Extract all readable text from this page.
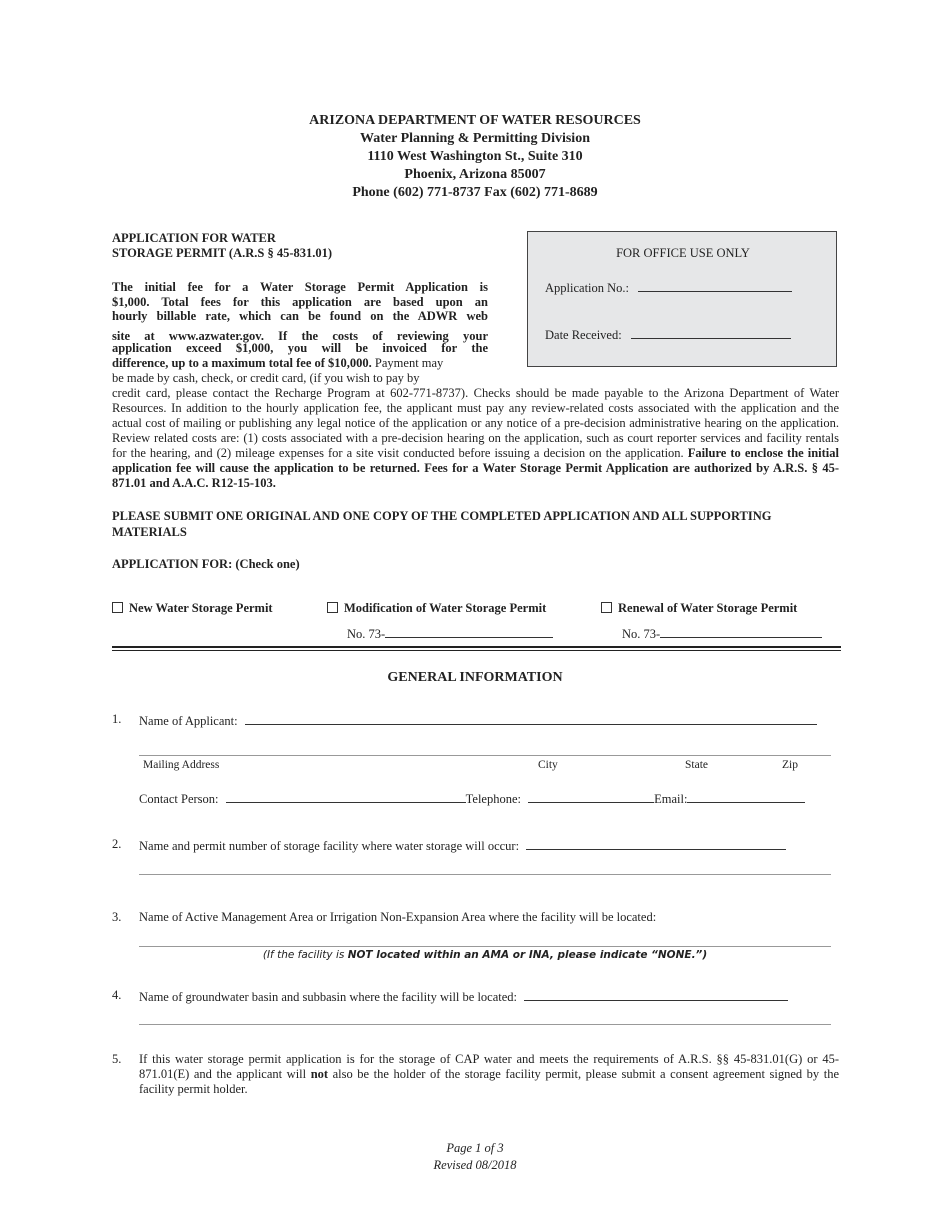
ARIZONA DEPARTMENT OF WATER RESOURCES
Water Planning & Permitting Division
1110 West Washington St., Suite 310
Phoenix, Arizona 85007
Phone (602) 771-8737 Fax (602) 771-8689
APPLICATION FOR WATER
STORAGE PERMIT (A.R.S § 45-831.01)	FOR OFFICE USE ONLY
Application No.:
Date Received:
The initial fee for a Water Storage Permit Application is
$1,000. Total fees for this application are based upon an
hourly billable rate, which can be found on the ADWR web
site at www.azwater.gov. If the costs of reviewing your
application exceed $1,000, you will be invoiced for the
difference, up to a maximum total fee of $10,000. Payment may
be made by cash, check, or credit card, (if you wish to pay by
credit card, please contact the Recharge Program at 602-771-8737). Checks should be made payable to the Arizona Department of Water Resources. In addition to the hourly application fee, the applicant must pay any review-related costs associated with the application and the actual cost of mailing or publishing any legal notice of the application or any notice of a pre-decision administrative hearing on the application. Review related costs are: (1) costs associated with a pre-decision hearing on the application, such as court reporter services and facility rentals for the hearing, and (2) mileage expenses for a site visit conducted before issuing a decision on the application. Failure to enclose the initial application fee will cause the application to be returned. Fees for a Water Storage Permit Application are authorized by A.R.S. § 45-871.01 and A.A.C. R12-15-103.
PLEASE SUBMIT ONE ORIGINAL AND ONE COPY OF THE COMPLETED APPLICATION AND ALL SUPPORTING MATERIALS
APPLICATION FOR: (Check one)
New Water Storage Permit	Modification of Water Storage Permit	Renewal of Water Storage Permit
No. 73-	No. 73-
GENERAL INFORMATION
1. Name of Applicant:
Mailing Address	City	State	Zip
Contact Person:	Telephone:	Email:
2. Name and permit number of storage facility where water storage will occur:
3. Name of Active Management Area or Irrigation Non-Expansion Area where the facility will be located:
(If the facility is NOT located within an AMA or INA, please indicate “NONE.”)
4. Name of groundwater basin and subbasin where the facility will be located:
5. If this water storage permit application is for the storage of CAP water and meets the requirements of A.R.S. §§ 45-831.01(G) or 45-871.01(E) and the applicant will not also be the holder of the storage facility permit, please submit a consent agreement signed by the facility permit holder.
Page 1 of 3
Revised 08/2018
